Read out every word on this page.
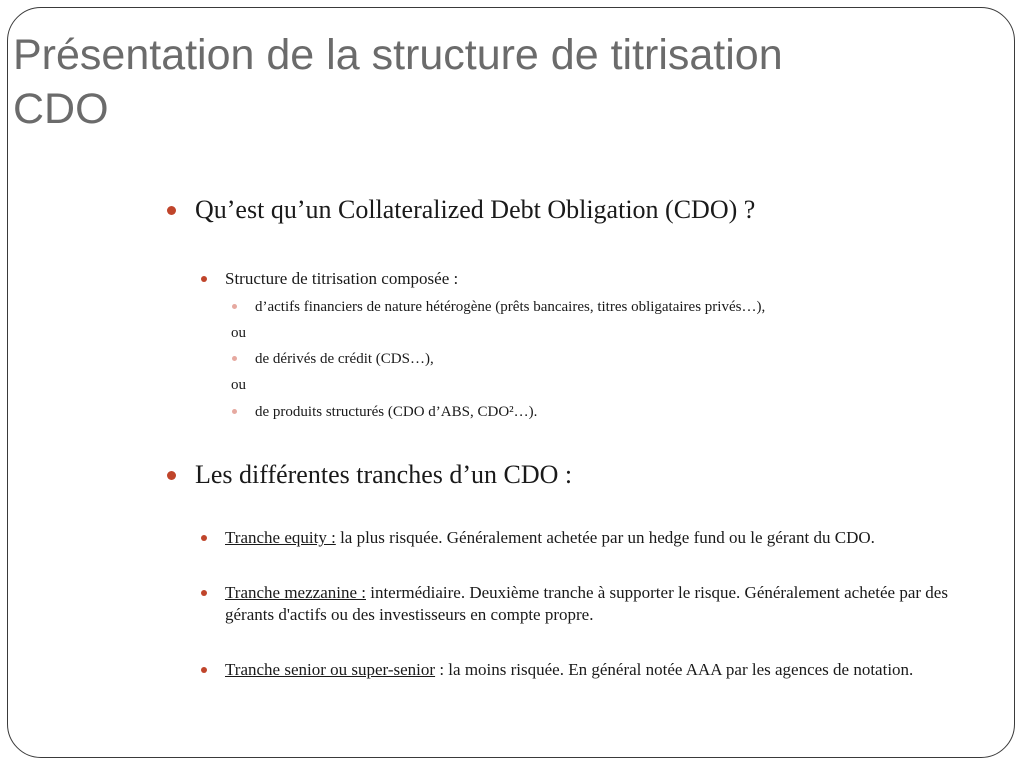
Présentation de la structure de titrisation
CDO
Qu’est qu’un Collateralized Debt Obligation (CDO) ?
Structure de titrisation composée :
d’actifs financiers de nature hétérogène (prêts bancaires, titres obligataires privés…),
ou
de dérivés de crédit (CDS…),
ou
de produits structurés (CDO d’ABS, CDO²…).
Les différentes tranches d’un CDO :
Tranche equity : la plus risquée. Généralement achetée par un hedge fund ou le gérant du CDO.
Tranche mezzanine : intermédiaire. Deuxième tranche à supporter le risque. Généralement achetée par des gérants d'actifs ou des investisseurs en compte propre.
Tranche senior ou super-senior : la moins risquée. En général notée AAA par les agences de notation.
